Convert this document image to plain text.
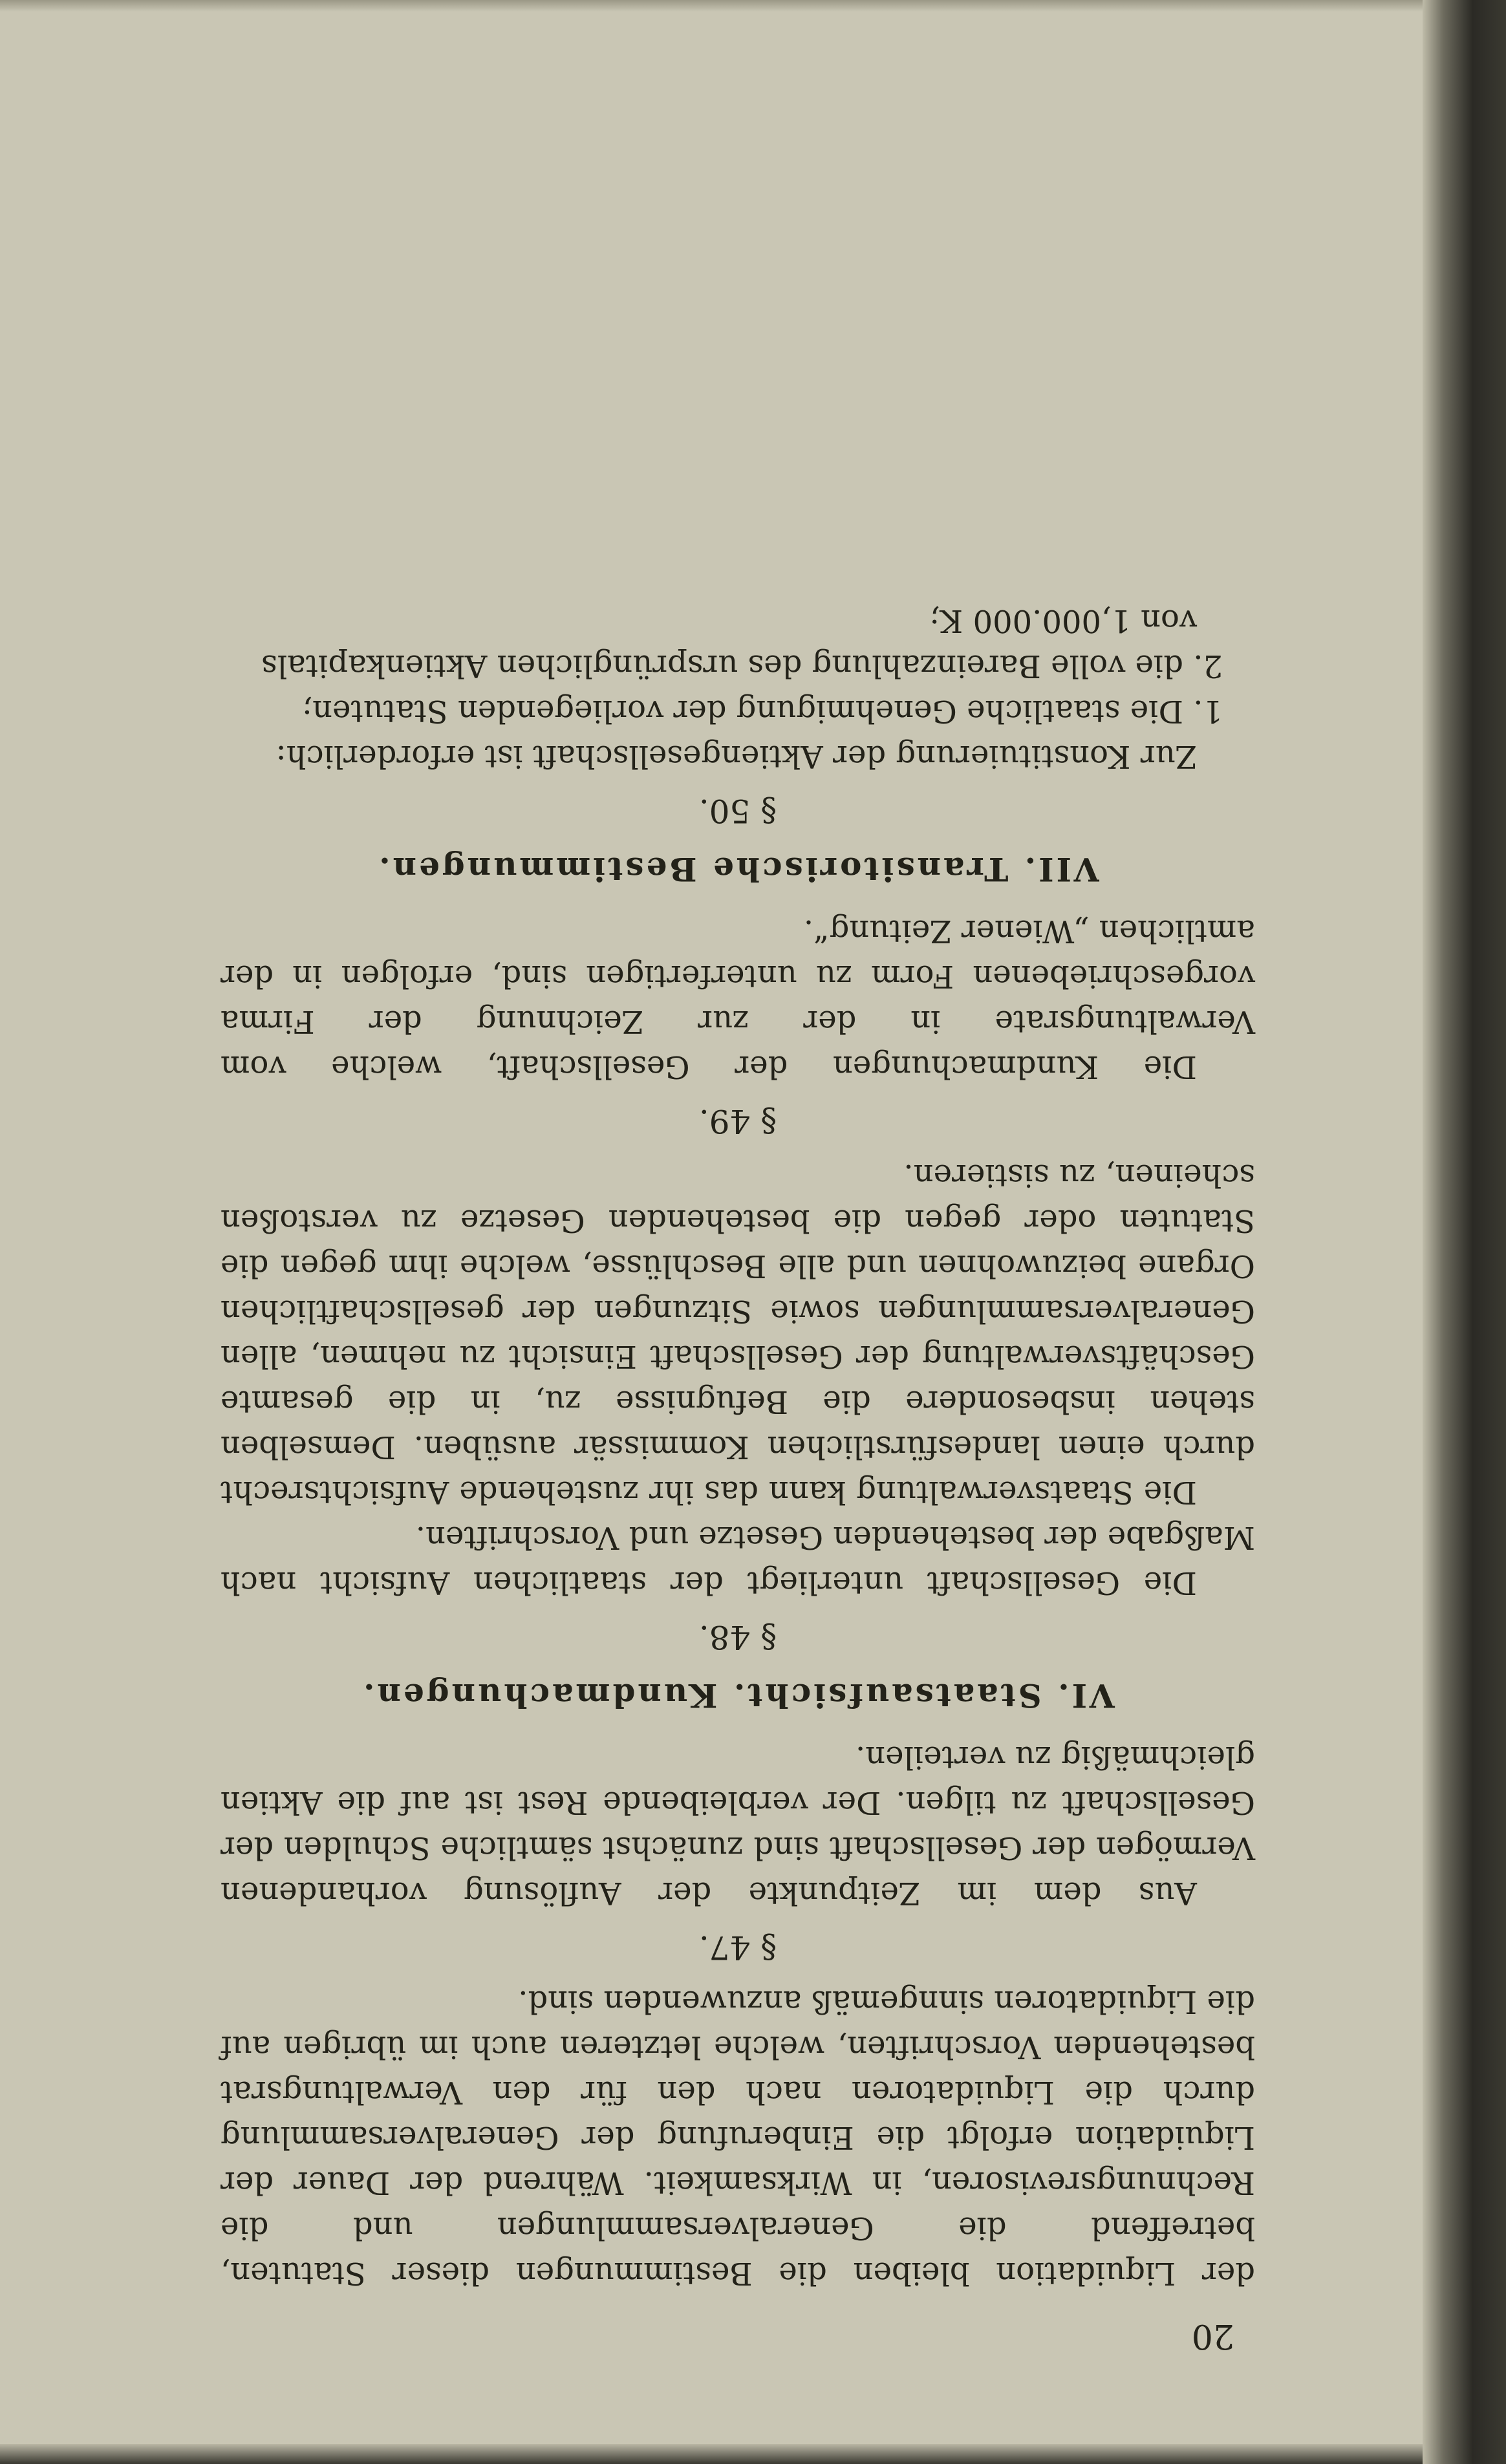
20

der Liquidation bleiben die Bestimmungen dieser Statuten, betreffend die Generalversammlungen und die Rechnungsrevisoren, in Wirksamkeit. Während der Dauer der Liquidation erfolgt die Einberufung der Generalversammlung durch die Liquidatoren nach den für den Verwaltungsrat bestehenden Vorschriften, welche letzteren auch im übrigen auf die Liquidatoren sinngemäß anzuwenden sind.

§ 47.

Aus dem im Zeitpunkte der Auflösung vorhandenen Vermögen der Gesellschaft sind zunächst sämtliche Schulden der Gesellschaft zu tilgen. Der verbleibende Rest ist auf die Aktien gleichmäßig zu verteilen.

VI. Staatsaufsicht. Kundmachungen.
§ 48.

Die Gesellschaft unterliegt der staatlichen Aufsicht nach Maßgabe der bestehenden Gesetze und Vorschriften.

Die Staatsverwaltung kann das ihr zustehende Aufsichtsrecht durch einen landesfürstlichen Kommissär ausüben. Demselben stehen insbesondere die Befugnisse zu, in die gesamte Geschäftsverwaltung der Gesellschaft Einsicht zu nehmen, allen Generalversammlungen sowie Sitzungen der gesellschaftlichen Organe beizuwohnen und alle Beschlüsse, welche ihm gegen die Statuten oder gegen die bestehenden Gesetze zu verstoßen scheinen, zu sistieren.

§ 49.

Die Kundmachungen der Gesellschaft, welche vom Verwaltungsrate in der zur Zeichnung der Firma vorgeschriebenen Form zu unterfertigen sind, erfolgen in der amtlichen „Wiener Zeitung“.

VII. Transitorische Bestimmungen.
§ 50.

Zur Konstituierung der Aktiengesellschaft ist erforderlich:

1. Die staatliche Genehmigung der vorliegenden Statuten;

2. die volle Bareinzahlung des ursprünglichen Aktienkapitals von 1,000.000 K;
